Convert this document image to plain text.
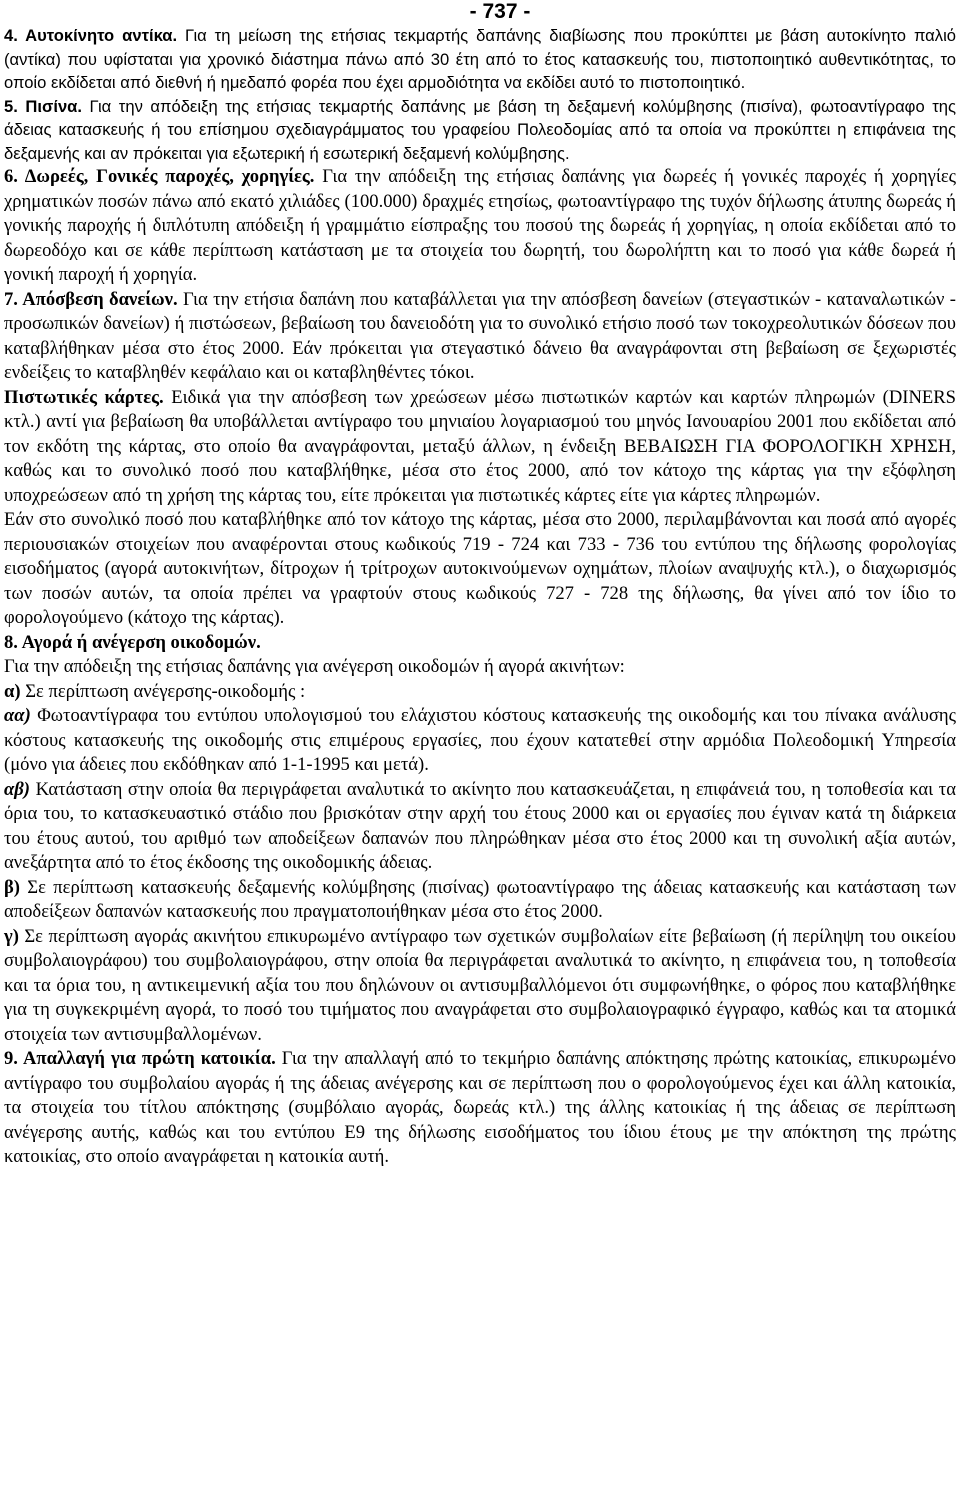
- 737 -

4. Αυτοκίνητο αντίκα. Για τη μείωση της ετήσιας τεκμαρτής δαπάνης διαβίωσης που προκύπτει με βάση αυτοκίνητο παλιό (αντίκα) που υφίσταται για χρονικό διάστημα πάνω από 30 έτη από το έτος κατασκευής του, πιστοποιητικό αυθεντικότητας, το οποίο εκδίδεται από διεθνή ή ημεδαπό φορέα που έχει αρμοδιότητα να εκδίδει αυτό το πιστοποιητικό.

5. Πισίνα. Για την απόδειξη της ετήσιας τεκμαρτής δαπάνης με βάση τη δεξαμενή κολύμβησης (πισίνα), φωτοαντίγραφο της άδειας κατασκευής ή του επίσημου σχεδιαγράμματος του γραφείου Πολεοδομίας από τα οποία να προκύπτει η επιφάνεια της δεξαμενής και αν πρόκειται για εξωτερική ή εσωτερική δεξαμενή κολύμβησης.

6. Δωρεές, Γονικές παροχές, χορηγίες. Για την απόδειξη της ετήσιας δαπάνης για δωρεές ή γονικές παροχές ή χορηγίες χρηματικών ποσών πάνω από εκατό χιλιάδες (100.000) δραχμές ετησίως, φωτοαντίγραφο της τυχόν δήλωσης άτυπης δωρεάς ή γονικής παροχής ή διπλότυπη απόδειξη ή γραμμάτιο είσπραξης του ποσού της δωρεάς ή χορηγίας, η οποία εκδίδεται από το δωρεοδόχο και σε κάθε περίπτωση κατάσταση με τα στοιχεία του δωρητή, του δωρολήπτη και το ποσό για κάθε δωρεά ή γονική παροχή ή χορηγία.

7. Απόσβεση δανείων. Για την ετήσια δαπάνη που καταβάλλεται για την απόσβεση δανείων (στεγαστικών - καταναλωτικών - προσωπικών δανείων) ή πιστώσεων, βεβαίωση του δανειοδότη για το συνολικό ετήσιο ποσό των τοκοχρεολυτικών δόσεων που καταβλήθηκαν μέσα στο έτος 2000. Εάν πρόκειται για στεγαστικό δάνειο θα αναγράφονται στη βεβαίωση σε ξεχωριστές ενδείξεις το καταβληθέν κεφάλαιο και οι καταβληθέντες τόκοι.

Πιστωτικές κάρτες. Ειδικά για την απόσβεση των χρεώσεων μέσω πιστωτικών καρτών και καρτών πληρωμών (DINERS κτλ.) αντί για βεβαίωση θα υποβάλλεται αντίγραφο του μηνιαίου λογαριασμού του μηνός Ιανουαρίου 2001 που εκδίδεται από τον εκδότη της κάρτας, στο οποίο θα αναγράφονται, μεταξύ άλλων, η ένδειξη ΒΕΒΑΙΩΣΗ ΓΙΑ ΦΟΡΟΛΟΓΙΚΗ ΧΡΗΣΗ, καθώς και το συνολικό ποσό που καταβλήθηκε, μέσα στο έτος 2000, από τον κάτοχο της κάρτας για την εξόφληση υποχρεώσεων από τη χρήση της κάρτας του, είτε πρόκειται για πιστωτικές κάρτες είτε για κάρτες πληρωμών.

Εάν στο συνολικό ποσό που καταβλήθηκε από τον κάτοχο της κάρτας, μέσα στο 2000, περιλαμβάνονται και ποσά από αγορές περιουσιακών στοιχείων που αναφέρονται στους κωδικούς 719 - 724 και 733 - 736 του εντύπου της δήλωσης φορολογίας εισοδήματος (αγορά αυτοκινήτων, δίτροχων ή τρίτροχων αυτοκινούμενων οχημάτων, πλοίων αναψυχής κτλ.), ο διαχωρισμός των ποσών αυτών, τα οποία πρέπει να γραφτούν στους κωδικούς 727 - 728 της δήλωσης, θα γίνει από τον ίδιο το φορολογούμενο (κάτοχο της κάρτας).

8. Αγορά ή ανέγερση οικοδομών.

Για την απόδειξη της ετήσιας δαπάνης για ανέγερση οικοδομών ή αγορά ακινήτων:

α) Σε περίπτωση ανέγερσης-οικοδομής :

αα) Φωτοαντίγραφα του εντύπου υπολογισμού του ελάχιστου κόστους κατασκευής της οικοδομής και του πίνακα ανάλυσης κόστους κατασκευής της οικοδομής στις επιμέρους εργασίες, που έχουν κατατεθεί στην αρμόδια Πολεοδομική Υπηρεσία (μόνο για άδειες που εκδόθηκαν από 1-1-1995 και μετά).

αβ) Κατάσταση στην οποία θα περιγράφεται αναλυτικά το ακίνητο που κατασκευάζεται, η επιφάνειά του, η τοποθεσία και τα όρια του, το κατασκευαστικό στάδιο που βρισκόταν στην αρχή του έτους 2000 και οι εργασίες που έγιναν κατά τη διάρκεια του έτους αυτού, του αριθμό των αποδείξεων δαπανών που πληρώθηκαν μέσα στο έτος 2000 και τη συνολική αξία αυτών, ανεξάρτητα από το έτος έκδοσης της οικοδομικής άδειας.

β) Σε περίπτωση κατασκευής δεξαμενής κολύμβησης (πισίνας) φωτοαντίγραφο της άδειας κατασκευής και κατάσταση των αποδείξεων δαπανών κατασκευής που πραγματοποιήθηκαν μέσα στο έτος 2000.

γ) Σε περίπτωση αγοράς ακινήτου επικυρωμένο αντίγραφο των σχετικών συμβολαίων είτε βεβαίωση (ή περίληψη του οικείου συμβολαιογράφου) του συμβολαιογράφου, στην οποία θα περιγράφεται αναλυτικά το ακίνητο, η επιφάνεια του, η τοποθεσία και τα όρια του, η αντικειμενική αξία του που δηλώνουν οι αντισυμβαλλόμενοι ότι συμφωνήθηκε, ο φόρος που καταβλήθηκε για τη συγκεκριμένη αγορά, το ποσό του τιμήματος που αναγράφεται στο συμβολαιογραφικό έγγραφο, καθώς και τα ατομικά στοιχεία των αντισυμβαλλομένων.

9. Απαλλαγή για πρώτη κατοικία. Για την απαλλαγή από το τεκμήριο δαπάνης απόκτησης πρώτης κατοικίας, επικυρωμένο αντίγραφο του συμβολαίου αγοράς ή της άδειας ανέγερσης και σε περίπτωση που ο φορολογούμενος έχει και άλλη κατοικία, τα στοιχεία του τίτλου απόκτησης (συμβόλαιο αγοράς, δωρεάς κτλ.) της άλλης κατοικίας ή της άδειας σε περίπτωση ανέγερσης αυτής, καθώς και του εντύπου Ε9 της δήλωσης εισοδήματος του ίδιου έτους με την απόκτηση της πρώτης κατοικίας, στο οποίο αναγράφεται η κατοικία αυτή.
